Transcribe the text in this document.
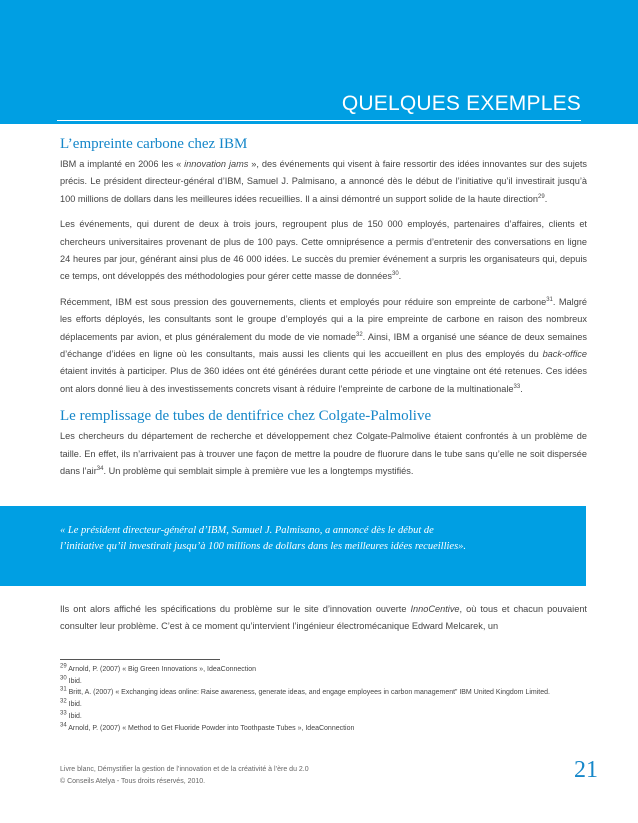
QUELQUES EXEMPLES
L’empreinte carbone chez IBM

IBM a implanté en 2006 les « innovation jams », des événements qui visent à faire ressortir des idées innovantes sur des sujets précis. Le président directeur-général d’IBM, Samuel J. Palmisano, a annoncé dès le début de l’initiative qu’il investirait jusqu’à 100 millions de dollars dans les meilleures idées recueillies. Il a ainsi démontré un support solide de la haute direction$^{29}$.

Les événements, qui durent de deux à trois jours, regroupent plus de 150 000 employés, partenaires d’affaires, clients et chercheurs universitaires provenant de plus de 100 pays. Cette omniprésence a permis d’entretenir des conversations en ligne 24 heures par jour, générant ainsi plus de 46 000 idées. Le succès du premier événement a surpris les organisateurs qui, depuis ce temps, ont développés des méthodologies pour gérer cette masse de données$^{30}$.

Récemment, IBM est sous pression des gouvernements, clients et employés pour réduire son empreinte de carbone$^{31}$. Malgré les efforts déployés, les consultants sont le groupe d’employés qui a la pire empreinte de carbone en raison des nombreux déplacements par avion, et plus généralement du mode de vie nomade$^{32}$. Ainsi, IBM a organisé une séance de deux semaines d’échange d’idées en ligne où les consultants, mais aussi les clients qui les accueillent en plus des employés du back-office étaient invités à participer. Plus de 360 idées ont été générées durant cette période et une vingtaine ont été retenues. Ces idées ont alors donné lieu à des investissements concrets visant à réduire l’empreinte de carbone de la multinationale$^{33}$.

Le remplissage de tubes de dentifrice chez Colgate-Palmolive

Les chercheurs du département de recherche et développement chez Colgate-Palmolive étaient confrontés à un problème de taille. En effet, ils n’arrivaient pas à trouver une façon de mettre la poudre de fluorure dans le tube sans qu’elle ne soit dispersée dans l’air$^{34}$. Un problème qui semblait simple à première vue les a longtemps mystifiés.

« Le président directeur-général d’IBM, Samuel J. Palmisano, a annoncé dès le début de l’initiative qu’il investirait jusqu’à 100 millions de dollars dans les meilleures idées recueillies».

Ils ont alors affiché les spécifications du problème sur le site d’innovation ouverte InnoCentive, où tous et chacun pouvaient consulter leur problème. C’est à ce moment qu’intervient l’ingénieur électromécanique Edward Melcarek, un

$^{29}$ Arnold, P. (2007) « Big Green Innovations », IdeaConnection
$^{30}$ Ibid.
$^{31}$ Britt, A. (2007) « Exchanging ideas online: Raise awareness, generate ideas, and engage employees in carbon management” IBM United Kingdom Limited.
$^{32}$ Ibid.
$^{33}$ Ibid.
$^{34}$ Arnold, P. (2007) « Method to Get Fluoride Powder into Toothpaste Tubes », IdeaConnection
Livre blanc, Démystifier la gestion de l’innovation et de la créativité à l’ère du 2.0
© Conseils Atelya - Tous droits réservés, 2010.	21
